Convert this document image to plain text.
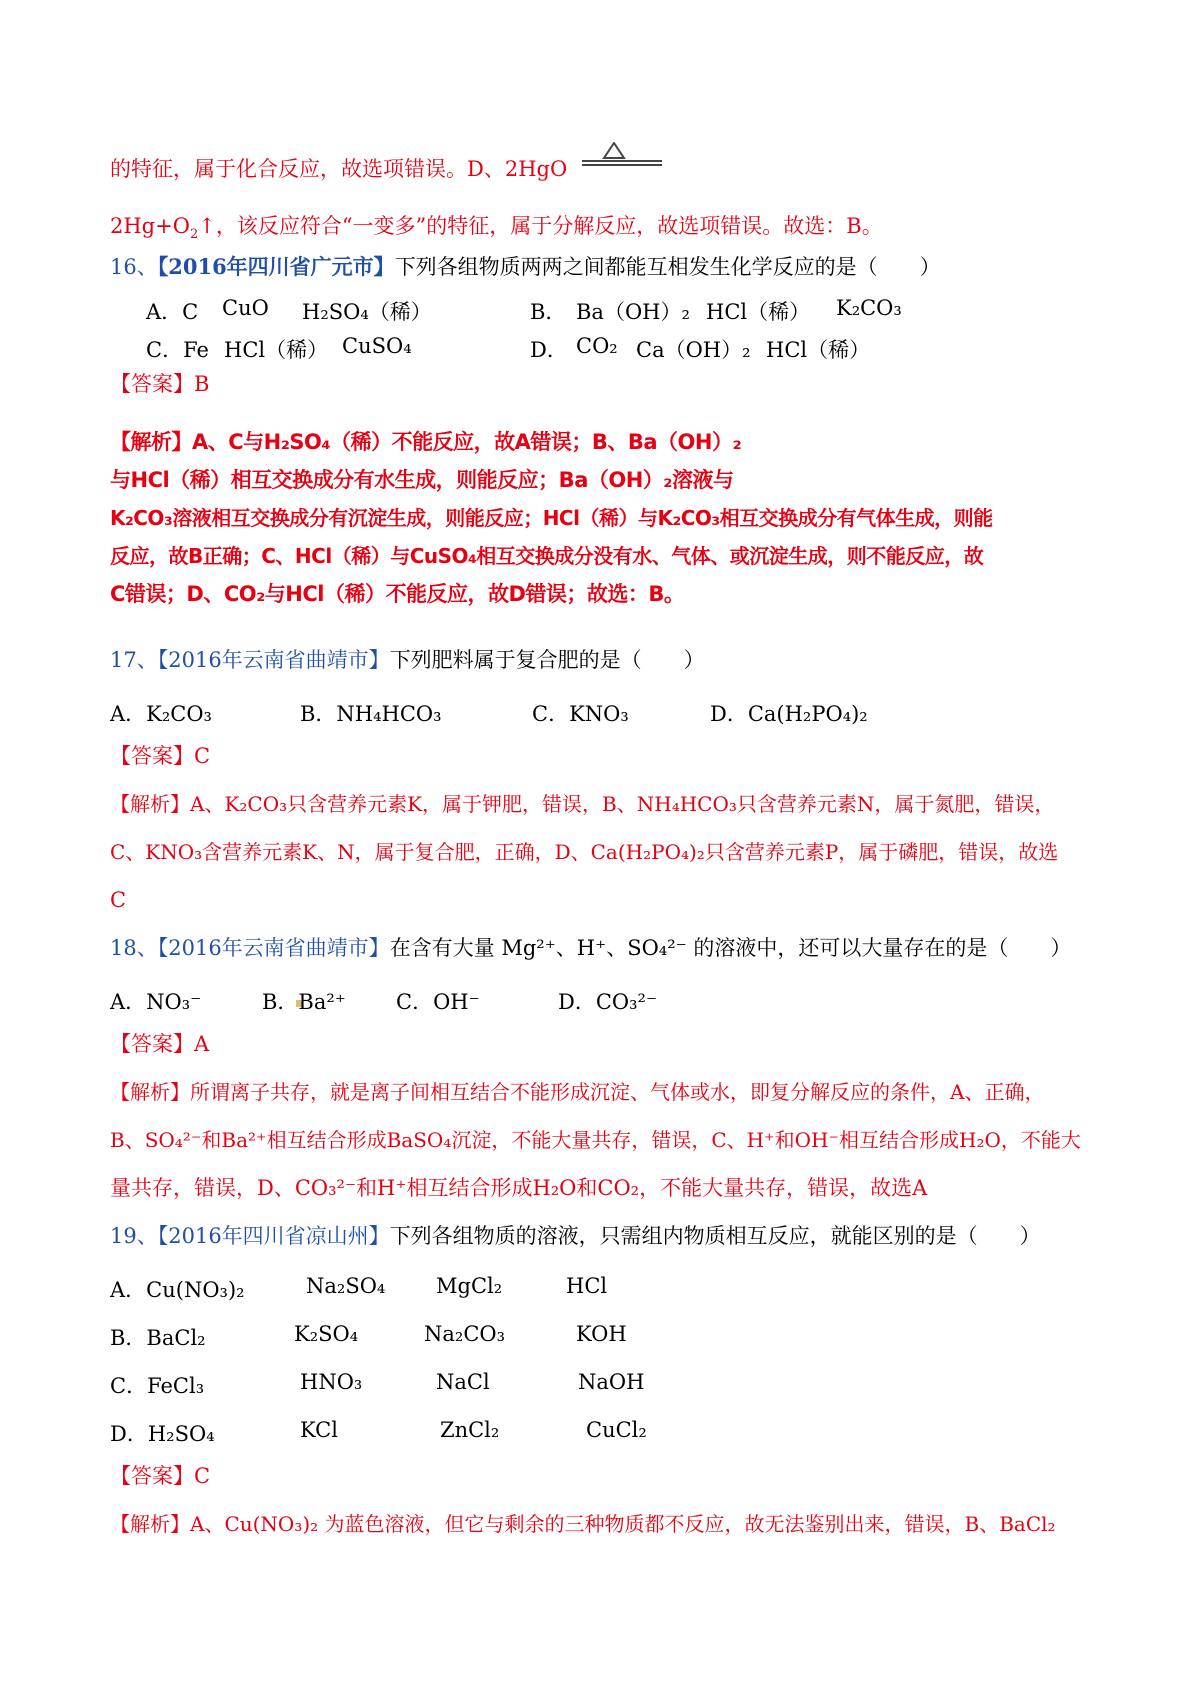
的特征，属于化合反应，故选项错误。D、2HgO
$2Hg+O_2↑$，该反应符合“一变多”的特征，属于分解反应，故选项错误。故选：B。
16、【2016年四川省广元市】下列各组物质两两之间都能互相发生化学反应的是（　　）
A．C CuO H₂SO₄（稀）	B． Ba（OH）₂ HCl（稀） K₂CO₃
C．Fe HCl（稀） CuSO₄	D． CO₂ Ca（OH）₂ HCl（稀）
【答案】B
【解析】A、C与H₂SO₄（稀）不能反应，故A错误；B、Ba（OH）₂
与HCl（稀）相互交换成分有水生成，则能反应；Ba（OH）₂溶液与
K₂CO₃溶液相互交换成分有沉淀生成，则能反应；HCl（稀）与K₂CO₃相互交换成分有气体生成，则能
反应，故B正确；C、HCl（稀）与CuSO₄相互交换成分没有水、气体、或沉淀生成，则不能反应，故
C错误；D、CO₂与HCl（稀）不能反应，故D错误；故选：B。
17、【2016年云南省曲靖市】下列肥料属于复合肥的是（　　）
A．K₂CO₃	B．NH₄HCO₃	C．KNO₃	D．Ca(H₂PO₄)₂
【答案】C
【解析】A、K₂CO₃只含营养元素K，属于钾肥，错误，B、NH₄HCO₃只含营养元素N，属于氮肥，错误，
C、KNO₃含营养元素K、N，属于复合肥，正确，D、Ca(H₂PO₄)₂只含营养元素P，属于磷肥，错误，故选
C
18、【2016年云南省曲靖市】在含有大量 Mg²⁺、H⁺、SO₄²⁻ 的溶液中，还可以大量存在的是（　　）
A．NO₃⁻	B．Ba²⁺ C．OH⁻	D．CO₃²⁻
【答案】A
【解析】所谓离子共存，就是离子间相互结合不能形成沉淀、气体或水，即复分解反应的条件，A、正确，
B、SO₄²⁻和Ba²⁺相互结合形成BaSO₄沉淀，不能大量共存，错误，C、H⁺和OH⁻相互结合形成H₂O，不能大
量共存，错误，D、CO₃²⁻和H⁺相互结合形成H₂O和CO₂，不能大量共存，错误，故选A
19、【2016年四川省凉山州】下列各组物质的溶液，只需组内物质相互反应，就能区别的是（　　）
A．Cu(NO₃)₂	Na₂SO₄ MgCl₂	HCl
B．BaCl₂	K₂SO₄	Na₂CO₃	KOH
C．FeCl₃	HNO₃	NaCl	NaOH
D．H₂SO₄	KCl	ZnCl₂	CuCl₂
【答案】C
【解析】A、Cu(NO₃)₂ 为蓝色溶液，但它与剩余的三种物质都不反应，故无法鉴别出来，错误，B、BaCl₂
